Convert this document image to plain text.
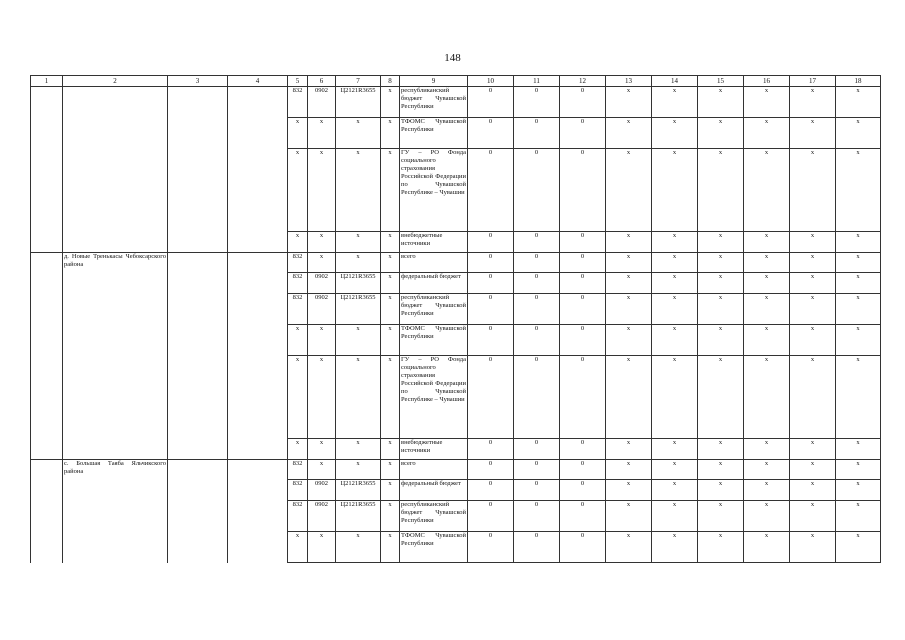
148
1	2	3	4	5	6	7	8	9	10	11	12	13	14	15	16	17	18
				832	0902	Ц2121R3655	x	республиканский бюджет Чувашской Республики	0	0	0	x	x	x	x	x	x
				x	x	x	x	ТФОМС Чувашской Республики	0	0	0	x	x	x	x	x	x
				x	x	x	x	ГУ – РО Фонда социального страхования Российской Федерации по Чувашской Республике – Чувашии	0	0	0	x	x	x	x	x	x
				x	x	x	x	внебюджетные источники	0	0	0	x	x	x	x	x	x
	д. Новые Тренькасы Чебоксарского района			832	x	x	x	всего	0	0	0	x	x	x	x	x	x
				832	0902	Ц2121R3655	x	федеральный бюджет	0	0	0	x	x	x	x	x	x
				832	0902	Ц2121R3655	x	республиканский бюджет Чувашской Республики	0	0	0	x	x	x	x	x	x
				x	x	x	x	ТФОМС Чувашской Республики	0	0	0	x	x	x	x	x	x
				x	x	x	x	ГУ – РО Фонда социального страхования Российской Федерации по Чувашской Республике – Чувашии	0	0	0	x	x	x	x	x	x
				x	x	x	x	внебюджетные источники	0	0	0	x	x	x	x	x	x
	с. Большая Таяба Яльчикского района			832	x	x	x	всего	0	0	0	x	x	x	x	x	x
				832	0902	Ц2121R3655	x	федеральный бюджет	0	0	0	x	x	x	x	x	x
				832	0902	Ц2121R3655	x	республиканский бюджет Чувашской Республики	0	0	0	x	x	x	x	x	x
				x	x	x	x	ТФОМС Чувашской Республики	0	0	0	x	x	x	x	x	x
